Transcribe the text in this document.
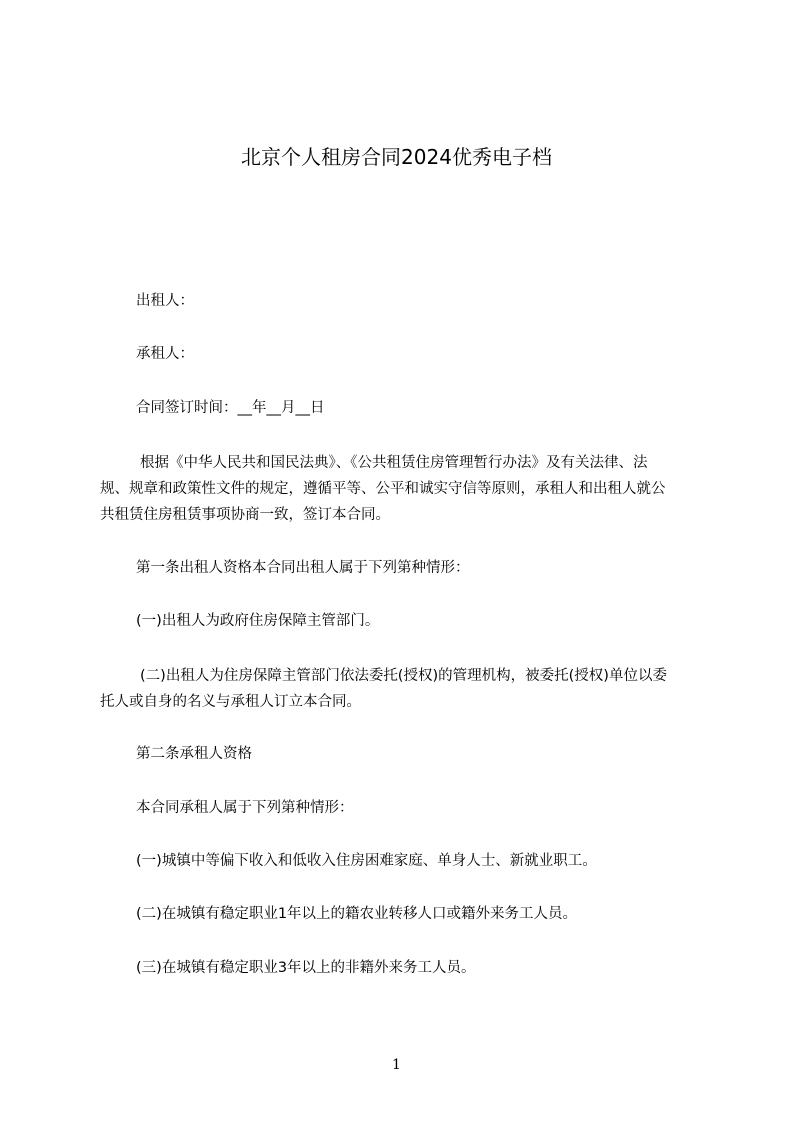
北京个人租房合同2024优秀电子档

出租人：

承租人：

合同签订时间：__年__月__日

根据《中华人民共和国民法典》、《公共租赁住房管理暂行办法》及有关法律、法规、规章和政策性文件的规定，遵循平等、公平和诚实守信等原则，承租人和出租人就公共租赁住房租赁事项协商一致，签订本合同。

第一条出租人资格本合同出租人属于下列第种情形：

(一)出租人为政府住房保障主管部门。

(二)出租人为住房保障主管部门依法委托(授权)的管理机构，被委托(授权)单位以委托人或自身的名义与承租人订立本合同。

第二条承租人资格

本合同承租人属于下列第种情形：

(一)城镇中等偏下收入和低收入住房困难家庭、单身人士、新就业职工。

(二)在城镇有稳定职业1年以上的籍农业转移人口或籍外来务工人员。

(三)在城镇有稳定职业3年以上的非籍外来务工人员。

1
